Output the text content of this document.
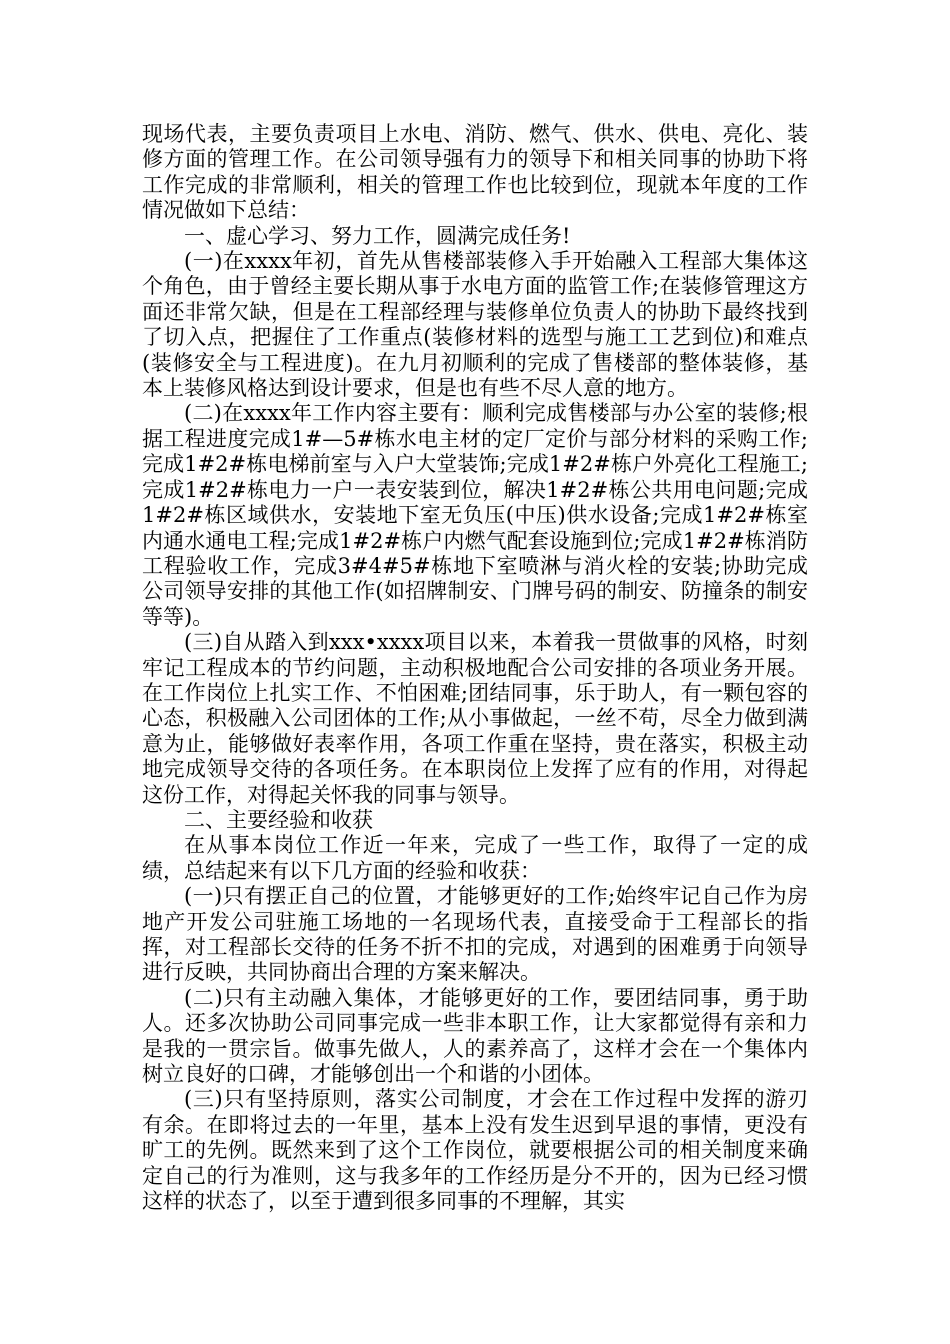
现场代表，主要负责项目上水电、消防、燃气、供水、供电、亮化、装修方面的管理工作。在公司领导强有力的领导下和相关同事的协助下将工作完成的非常顺利，相关的管理工作也比较到位，现就本年度的工作情况做如下总结：

一、虚心学习、努力工作，圆满完成任务!

(一)在xxxx年初，首先从售楼部装修入手开始融入工程部大集体这个角色，由于曾经主要长期从事于水电方面的监管工作;在装修管理这方面还非常欠缺，但是在工程部经理与装修单位负责人的协助下最终找到了切入点，把握住了工作重点(装修材料的选型与施工工艺到位)和难点(装修安全与工程进度)。在九月初顺利的完成了售楼部的整体装修，基本上装修风格达到设计要求，但是也有些不尽人意的地方。

(二)在xxxx年工作内容主要有：顺利完成售楼部与办公室的装修;根据工程进度完成1#—5#栋水电主材的定厂定价与部分材料的采购工作;完成1#2#栋电梯前室与入户大堂装饰;完成1#2#栋户外亮化工程施工;完成1#2#栋电力一户一表安装到位，解决1#2#栋公共用电问题;完成1#2#栋区域供水，安装地下室无负压(中压)供水设备;完成1#2#栋室内通水通电工程;完成1#2#栋户内燃气配套设施到位;完成1#2#栋消防工程验收工作，完成3#4#5#栋地下室喷淋与消火栓的安装;协助完成公司领导安排的其他工作(如招牌制安、门牌号码的制安、防撞条的制安等等)。

(三)自从踏入到xxx•xxxx项目以来，本着我一贯做事的风格，时刻牢记工程成本的节约问题，主动积极地配合公司安排的各项业务开展。在工作岗位上扎实工作、不怕困难;团结同事，乐于助人，有一颗包容的心态，积极融入公司团体的工作;从小事做起，一丝不苟，尽全力做到满意为止，能够做好表率作用，各项工作重在坚持，贵在落实，积极主动地完成领导交待的各项任务。在本职岗位上发挥了应有的作用，对得起这份工作，对得起关怀我的同事与领导。

二、主要经验和收获

在从事本岗位工作近一年来，完成了一些工作，取得了一定的成绩，总结起来有以下几方面的经验和收获：

(一)只有摆正自己的位置，才能够更好的工作;始终牢记自己作为房地产开发公司驻施工场地的一名现场代表，直接受命于工程部长的指挥，对工程部长交待的任务不折不扣的完成，对遇到的困难勇于向领导进行反映，共同协商出合理的方案来解决。

(二)只有主动融入集体，才能够更好的工作，要团结同事，勇于助人。还多次协助公司同事完成一些非本职工作，让大家都觉得有亲和力是我的一贯宗旨。做事先做人，人的素养高了，这样才会在一个集体内树立良好的口碑，才能够创出一个和谐的小团体。

(三)只有坚持原则，落实公司制度，才会在工作过程中发挥的游刃有余。在即将过去的一年里，基本上没有发生迟到早退的事情，更没有旷工的先例。既然来到了这个工作岗位，就要根据公司的相关制度来确定自己的行为准则，这与我多年的工作经历是分不开的，因为已经习惯这样的状态了，以至于遭到很多同事的不理解，其实
